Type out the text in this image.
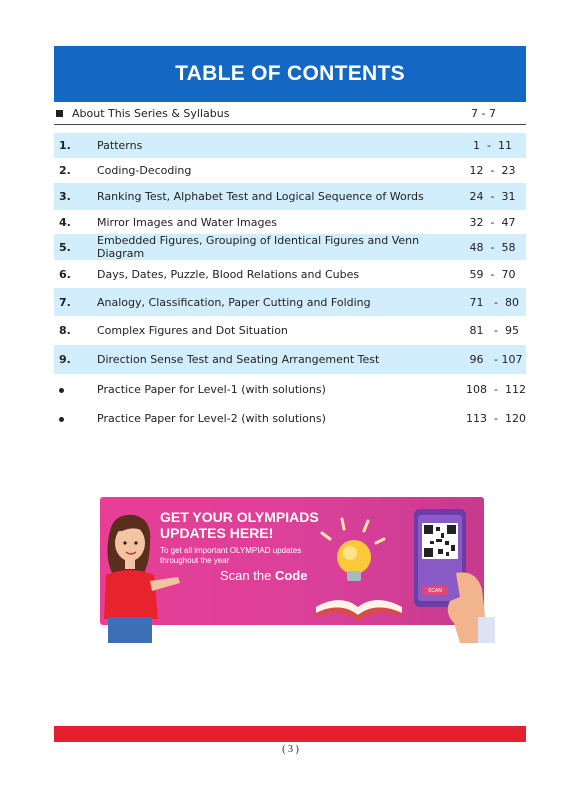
TABLE OF CONTENTS
About This Series & Syllabus	7 - 7
1.	Patterns	1  -  11
2.	Coding-Decoding	12  -  23
3.	Ranking Test, Alphabet Test and Logical Sequence of Words	24  -  31
4.	Mirror Images and Water Images	32  -  47
5.	Embedded Figures, Grouping of Identical Figures and Venn Diagram	48  -  58
6.	Days, Dates, Puzzle, Blood Relations and Cubes	59  -  70
7.	Analogy, Classification, Paper Cutting and Folding	71   -  80
8.	Complex Figures and Dot Situation	81   -  95
9.	Direction Sense Test and Seating Arrangement Test	96   - 107
Practice Paper for Level-1 (with solutions)	108  -  112
Practice Paper for Level-2 (with solutions)	113  -  120
GET YOUR OLYMPIADS UPDATES HERE!
To get all important OLYMPIAD updates throughout the year
Scan the Code
SCAN
( 3 )
